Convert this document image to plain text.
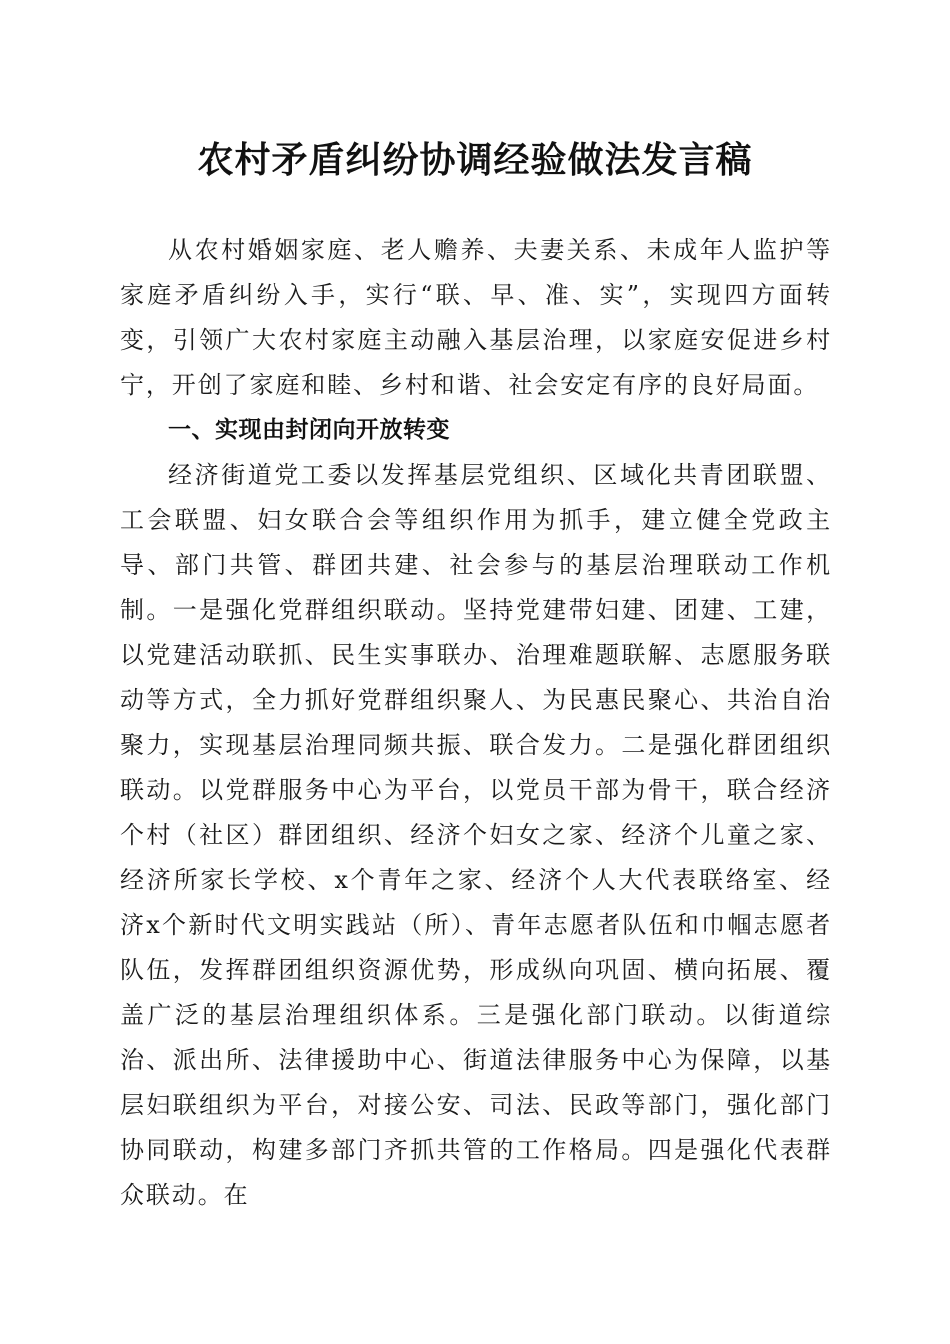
农村矛盾纠纷协调经验做法发言稿

从农村婚姻家庭、老人赡养、夫妻关系、未成年人监护等家庭矛盾纠纷入手，实行“联、早、准、实”，实现四方面转变，引领广大农村家庭主动融入基层治理，以家庭安促进乡村宁，开创了家庭和睦、乡村和谐、社会安定有序的良好局面。

一、实现由封闭向开放转变

经济街道党工委以发挥基层党组织、区域化共青团联盟、工会联盟、妇女联合会等组织作用为抓手，建立健全党政主导、部门共管、群团共建、社会参与的基层治理联动工作机制。一是强化党群组织联动。坚持党建带妇建、团建、工建，以党建活动联抓、民生实事联办、治理难题联解、志愿服务联动等方式，全力抓好党群组织聚人、为民惠民聚心、共治自治聚力，实现基层治理同频共振、联合发力。二是强化群团组织联动。以党群服务中心为平台，以党员干部为骨干，联合经济个村（社区）群团组织、经济个妇女之家、经济个儿童之家、经济所家长学校、x个青年之家、经济个人大代表联络室、经济x个新时代文明实践站（所）、青年志愿者队伍和巾帼志愿者队伍，发挥群团组织资源优势，形成纵向巩固、横向拓展、覆盖广泛的基层治理组织体系。三是强化部门联动。以街道综治、派出所、法律援助中心、街道法律服务中心为保障，以基层妇联组织为平台，对接公安、司法、民政等部门，强化部门协同联动，构建多部门齐抓共管的工作格局。四是强化代表群众联动。在
